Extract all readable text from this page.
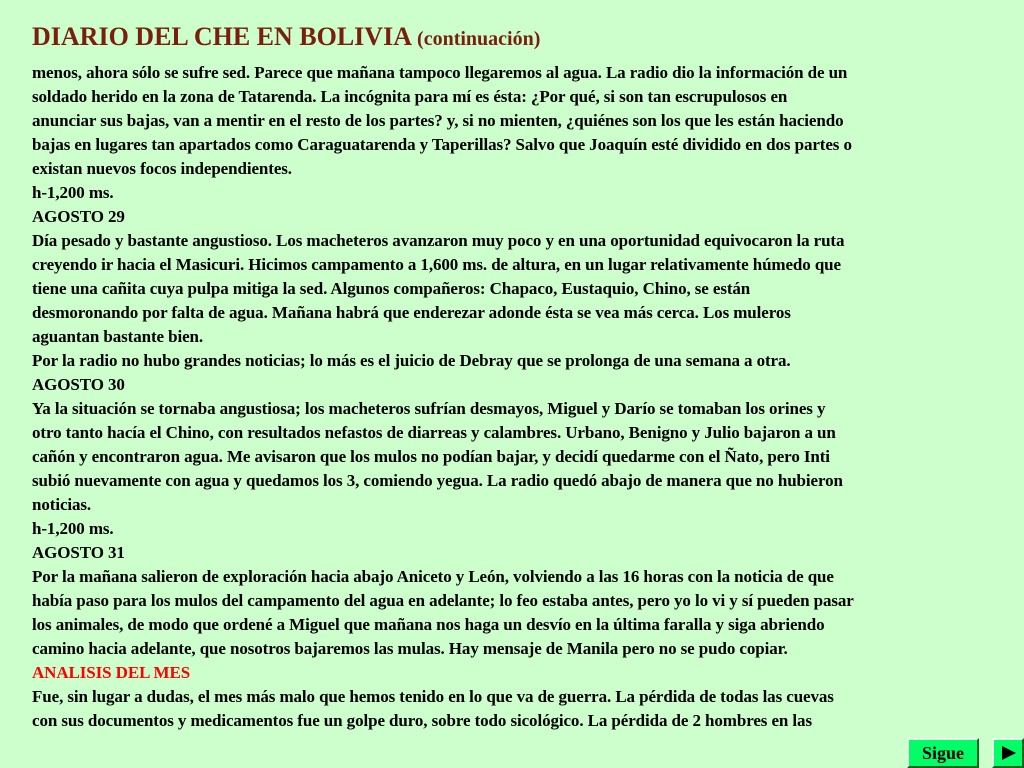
DIARIO DEL CHE EN BOLIVIA (continuación)
menos, ahora sólo se sufre sed. Parece que mañana tampoco llegaremos al agua. La radio dio la información de un
soldado herido en la zona de Tatarenda. La incógnita para mí es ésta: ¿Por qué, si son tan escrupulosos en
anunciar sus bajas, van a mentir en el resto de los partes? y, si no mienten, ¿quiénes son los que les están haciendo
bajas en lugares tan apartados como Caraguatarenda y Taperillas? Salvo que Joaquín esté dividido en dos partes o
existan nuevos focos independientes.
h-1,200 ms.
AGOSTO 29
Día pesado y bastante angustioso. Los macheteros avanzaron muy poco y en una oportunidad equivocaron la ruta
creyendo ir hacia el Masicuri. Hicimos campamento a 1,600 ms. de altura, en un lugar relativamente húmedo que
tiene una cañita cuya pulpa mitiga la sed. Algunos compañeros: Chapaco, Eustaquio, Chino, se están
desmoronando por falta de agua. Mañana habrá que enderezar adonde ésta se vea más cerca. Los muleros
aguantan bastante bien.
Por la radio no hubo grandes noticias; lo más es el juicio de Debray que se prolonga de una semana a otra.
AGOSTO 30
Ya la situación se tornaba angustiosa; los macheteros sufrían desmayos, Miguel y Darío se tomaban los orines y
otro tanto hacía el Chino, con resultados nefastos de diarreas y calambres. Urbano, Benigno y Julio bajaron a un
cañón y encontraron agua. Me avisaron que los mulos no podían bajar, y decidí quedarme con el Ñato, pero Inti
subió nuevamente con agua y quedamos los 3, comiendo yegua. La radio quedó abajo de manera que no hubieron
noticias.
h-1,200 ms.
AGOSTO 31
Por la mañana salieron de exploración hacia abajo Aniceto y León, volviendo a las 16 horas con la noticia de que
había paso para los mulos del campamento del agua en adelante; lo feo estaba antes, pero yo lo vi y sí pueden pasar
los animales, de modo que ordené a Miguel que mañana nos haga un desvío en la última faralla y siga abriendo
camino hacia adelante, que nosotros bajaremos las mulas. Hay mensaje de Manila pero no se pudo copiar.
ANALISIS DEL MES
Fue, sin lugar a dudas, el mes más malo que hemos tenido en lo que va de guerra. La pérdida de todas las cuevas
con sus documentos y medicamentos fue un golpe duro, sobre todo sicológico. La pérdida de 2 hombres en las
Sigue
